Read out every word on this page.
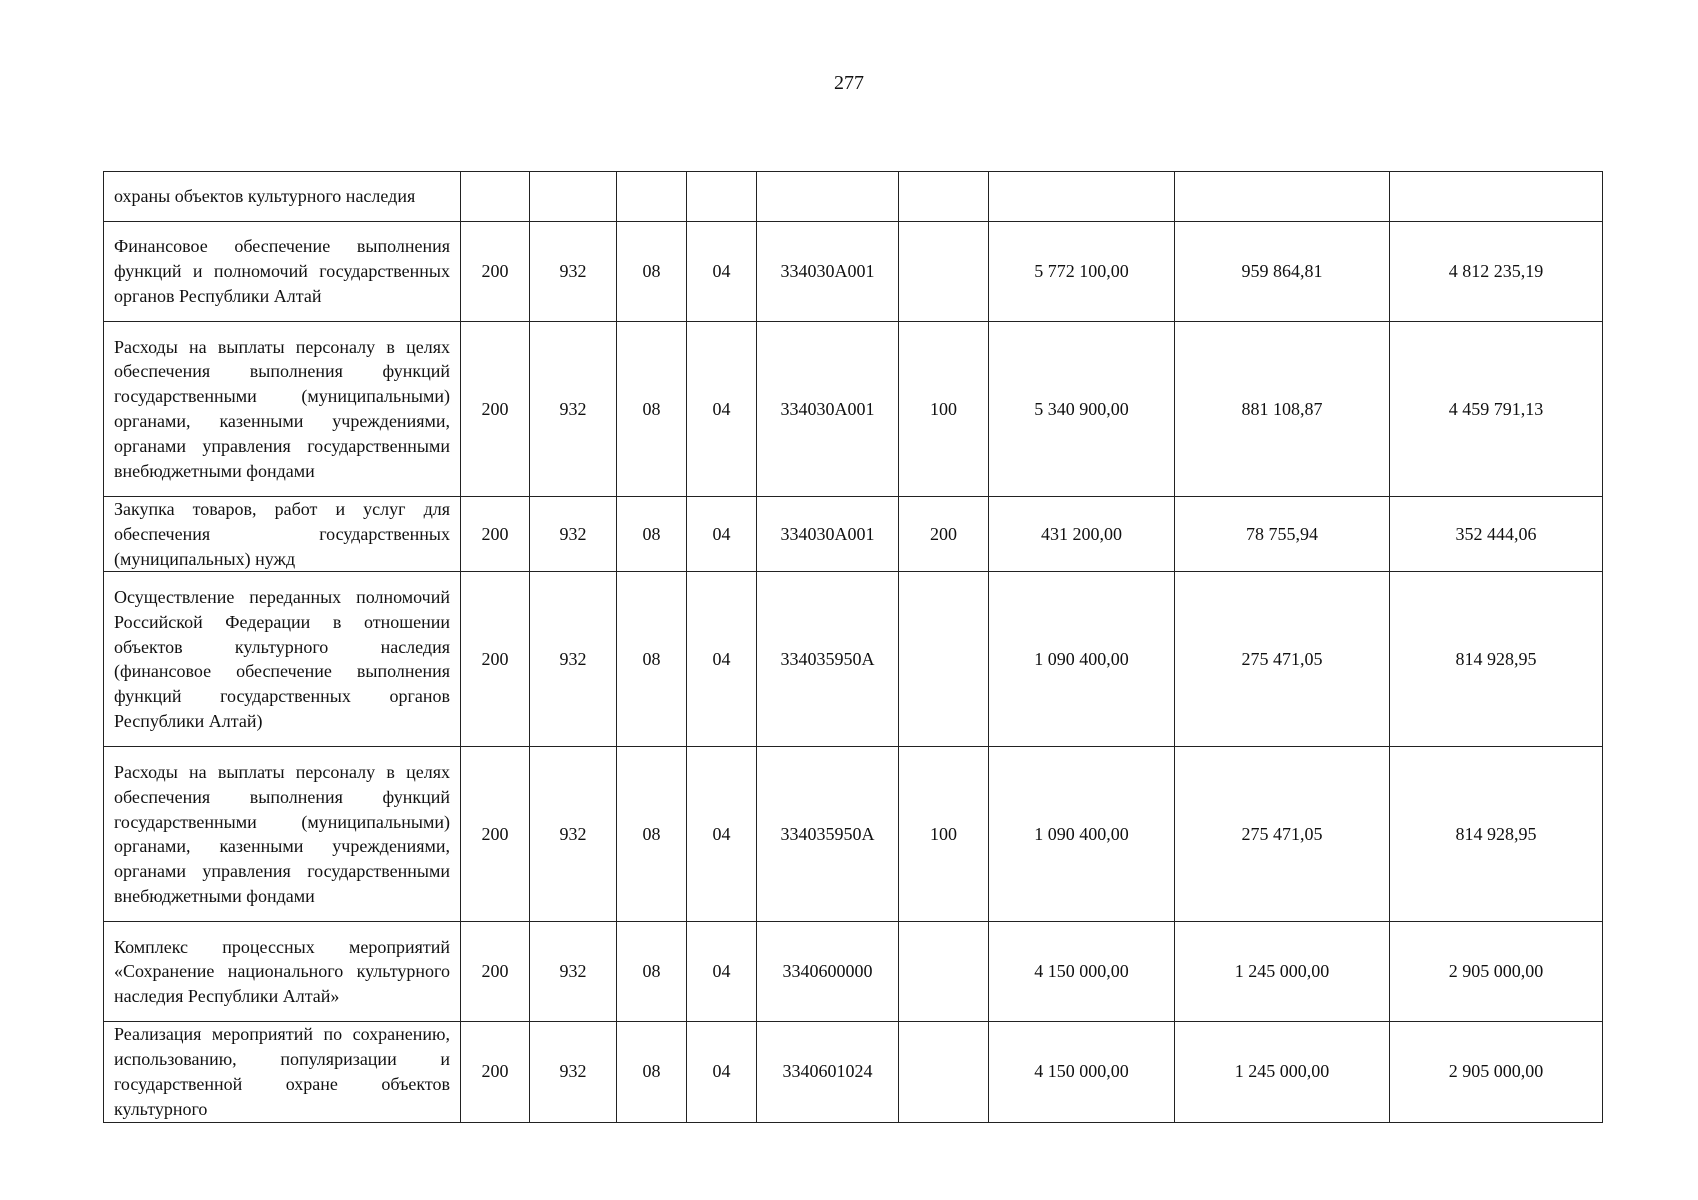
277
охраны объектов культурного наследия									
Финансовое обеспечение выполнения функций и полномочий государственных органов Республики Алтай	200	932	08	04	334030А001		5 772 100,00	959 864,81	4 812 235,19
Расходы на выплаты персоналу в целях обеспечения выполнения функций государственными (муниципальными) органами, казенными учреждениями, органами управления государственными внебюджетными фондами	200	932	08	04	334030А001	100	5 340 900,00	881 108,87	4 459 791,13
Закупка товаров, работ и услуг для обеспечения государственных (муниципальных) нужд	200	932	08	04	334030А001	200	431 200,00	78 755,94	352 444,06
Осуществление переданных полномочий Российской Федерации в отношении объектов культурного наследия (финансовое обеспечение выполнения функций государственных органов Республики Алтай)	200	932	08	04	334035950А		1 090 400,00	275 471,05	814 928,95
Расходы на выплаты персоналу в целях обеспечения выполнения функций государственными (муниципальными) органами, казенными учреждениями, органами управления государственными внебюджетными фондами	200	932	08	04	334035950А	100	1 090 400,00	275 471,05	814 928,95
Комплекс процессных мероприятий «Сохранение национального культурного наследия Республики Алтай»	200	932	08	04	3340600000		4 150 000,00	1 245 000,00	2 905 000,00
Реализация мероприятий по сохранению, использованию, популяризации и государственной охране объектов культурного	200	932	08	04	3340601024		4 150 000,00	1 245 000,00	2 905 000,00
